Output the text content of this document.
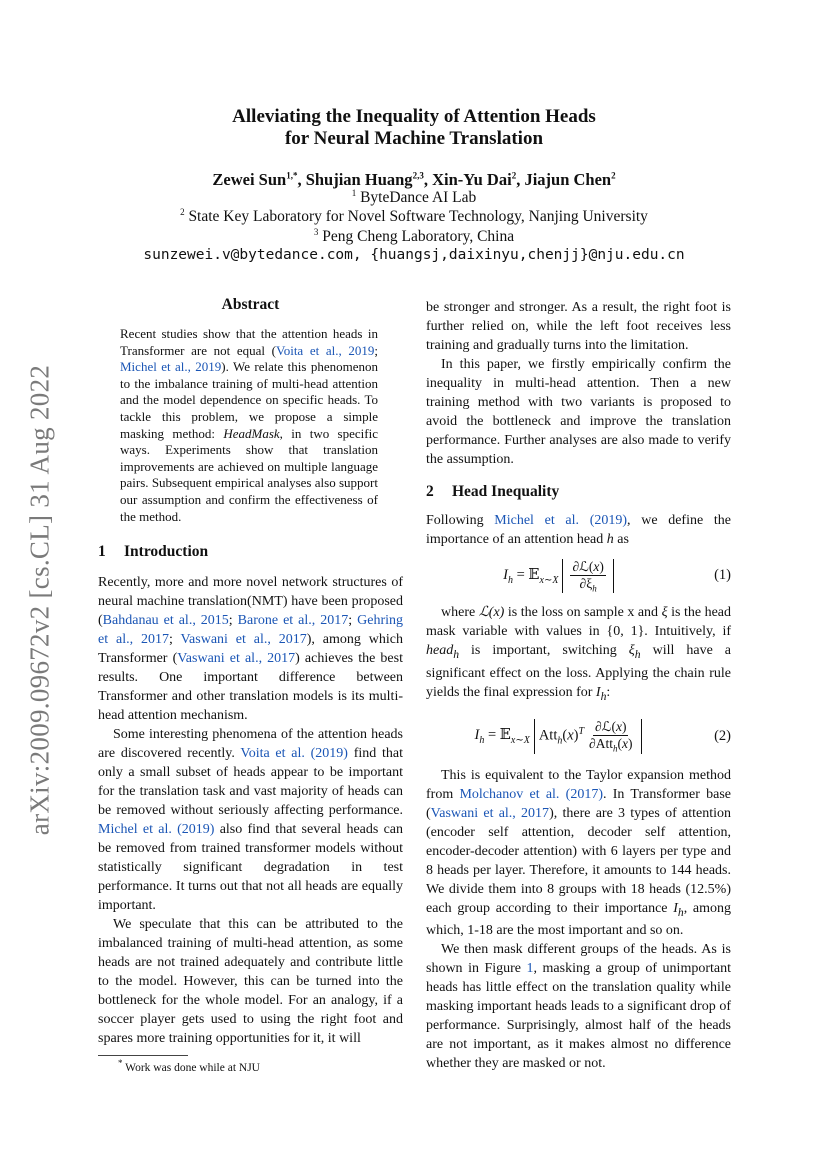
arXiv:2009.09672v2 [cs.CL] 31 Aug 2022
Alleviating the Inequality of Attention Heads
for Neural Machine Translation
Zewei Sun$^{1,*}$, Shujian Huang$^{2,3}$, Xin-Yu Dai$^2$, Jiajun Chen$^2$
$^1$ ByteDance AI Lab
$^2$ State Key Laboratory for Novel Software Technology, Nanjing University
$^3$ Peng Cheng Laboratory, China
sunzewei.v@bytedance.com, {huangsj,daixinyu,chenjj}@nju.edu.cn
Abstract

Recent studies show that the attention heads in Transformer are not equal (Voita et al., 2019; Michel et al., 2019). We relate this phenomenon to the imbalance training of multi-head attention and the model dependence on specific heads. To tackle this problem, we propose a simple masking method: HeadMask, in two specific ways. Experiments show that translation improvements are achieved on multiple language pairs. Subsequent empirical analyses also support our assumption and confirm the effectiveness of the method.

1 Introduction

Recently, more and more novel network structures of neural machine translation(NMT) have been proposed (Bahdanau et al., 2015; Barone et al., 2017; Gehring et al., 2017; Vaswani et al., 2017), among which Transformer (Vaswani et al., 2017) achieves the best results. One important difference between Transformer and other translation models is its multi-head attention mechanism.

Some interesting phenomena of the attention heads are discovered recently. Voita et al. (2019) find that only a small subset of heads appear to be important for the translation task and vast majority of heads can be removed without seriously affecting performance. Michel et al. (2019) also find that several heads can be removed from trained transformer models without statistically significant degradation in test performance. It turns out that not all heads are equally important.

We speculate that this can be attributed to the imbalanced training of multi-head attention, as some heads are not trained adequately and contribute little to the model. However, this can be turned into the bottleneck for the whole model. For an analogy, if a soccer player gets used to using the right foot and spares more training opportunities for it, it will

be stronger and stronger. As a result, the right foot is further relied on, while the left foot receives less training and gradually turns into the limitation.

In this paper, we firstly empirically confirm the inequality in multi-head attention. Then a new training method with two variants is proposed to avoid the bottleneck and improve the translation performance. Further analyses are also made to verify the assumption.

2 Head Inequality

Following Michel et al. (2019), we define the importance of an attention head h as

$I_h$ = 𝔼$_{x\sim X}$ $\frac{\text{∂ℒ(x)}}{\partial\xi_h}$	(1)

where ℒ(x) is the loss on sample x and ξ is the head mask variable with values in {0, 1}. Intuitively, if head$_h$ is important, switching $\xi_h$ will have a significant effect on the loss. Applying the chain rule yields the final expression for $I_h$:

$I_h$ = 𝔼$_{x\sim X}$ $Att_h(x)^T \frac{\text{∂ℒ(x)}}{\partial Att_h(x)}$	(2)

This is equivalent to the Taylor expansion method from Molchanov et al. (2017). In Transformer base (Vaswani et al., 2017), there are 3 types of attention (encoder self attention, decoder self attention, encoder-decoder attention) with 6 layers per type and 8 heads per layer. Therefore, it amounts to 144 heads. We divide them into 8 groups with 18 heads (12.5%) each group according to their importance $I_h$, among which, 1-18 are the most important and so on.

We then mask different groups of the heads. As is shown in Figure 1, masking a group of unimportant heads has little effect on the translation quality while masking important heads leads to a significant drop of performance. Surprisingly, almost half of the heads are not important, as it makes almost no difference whether they are masked or not.

* Work was done while at NJU
